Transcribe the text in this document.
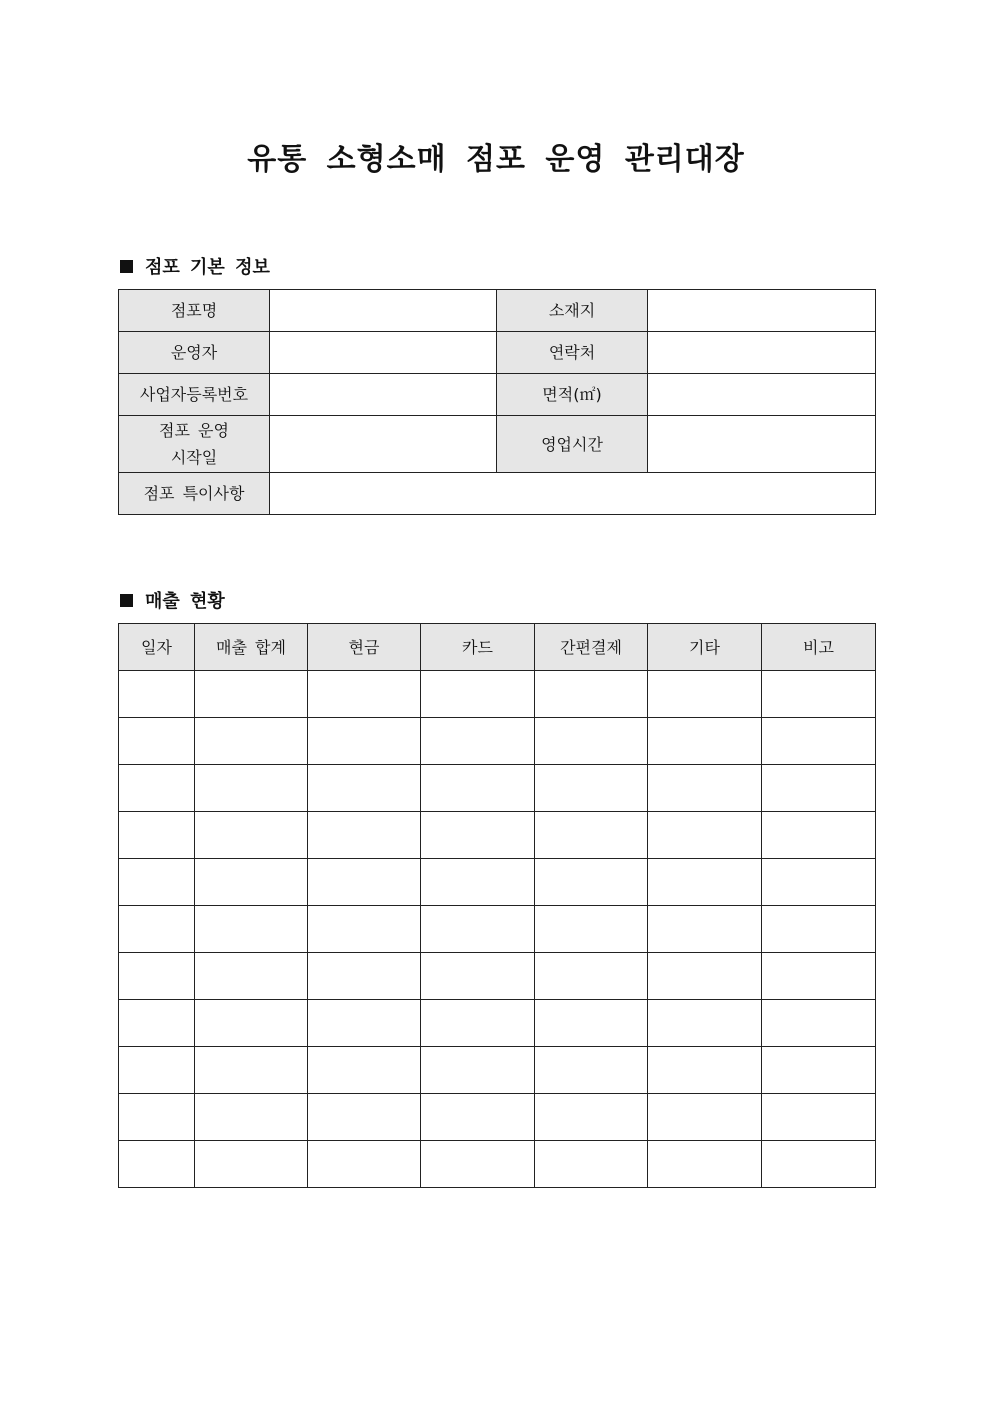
유통 소형소매 점포 운영 관리대장
점포 기본 정보
점포명		소재지	
운영자		연락처	
사업자등록번호		면적(㎡)	

점포 운영
시작일		영업시간	
점포 특이사항			
매출 현황
일자	매출 합계	현금	카드	간편결제	기타	비고
